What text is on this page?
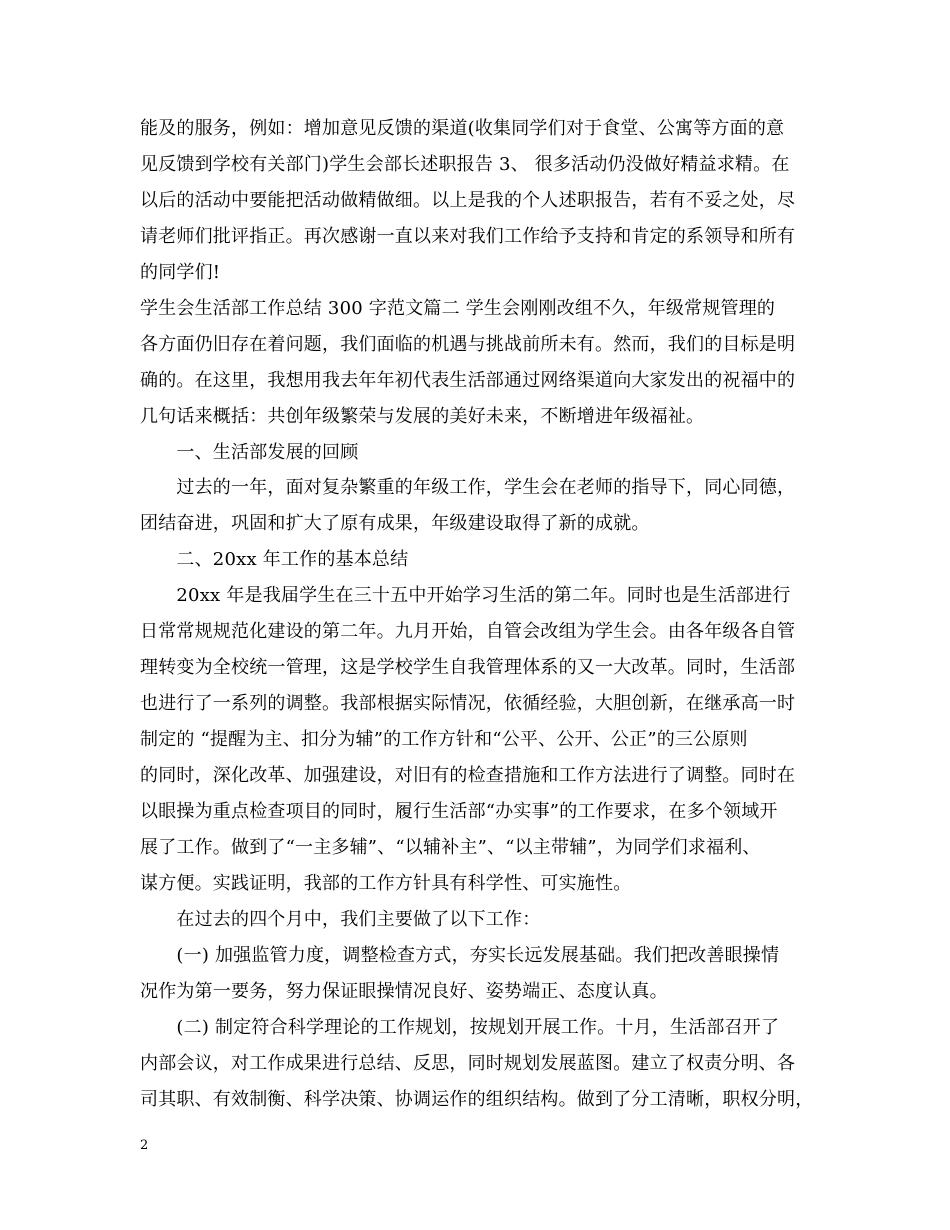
能及的服务，例如：增加意见反馈的渠道(收集同学们对于食堂、公寓等方面的意
见反馈到学校有关部门)学生会部长述职报告 3、 很多活动仍没做好精益求精。在
以后的活动中要能把活动做精做细。以上是我的个人述职报告，若有不妥之处，尽
请老师们批评指正。再次感谢一直以来对我们工作给予支持和肯定的系领导和所有
的同学们!
学生会生活部工作总结 300 字范文篇二 学生会刚刚改组不久，年级常规管理的
各方面仍旧存在着问题，我们面临的机遇与挑战前所未有。然而，我们的目标是明
确的。在这里，我想用我去年年初代表生活部通过网络渠道向大家发出的祝福中的
几句话来概括：共创年级繁荣与发展的美好未来，不断增进年级福祉。
　　一、生活部发展的回顾
　　过去的一年，面对复杂繁重的年级工作，学生会在老师的指导下，同心同德，
团结奋进，巩固和扩大了原有成果，年级建设取得了新的成就。
　　二、20xx 年工作的基本总结
　　20xx 年是我届学生在三十五中开始学习生活的第二年。同时也是生活部进行
日常常规规范化建设的第二年。九月开始，自管会改组为学生会。由各年级各自管
理转变为全校统一管理，这是学校学生自我管理体系的又一大改革。同时，生活部
也进行了一系列的调整。我部根据实际情况，依循经验，大胆创新，在继承高一时
制定的 “提醒为主、扣分为辅”的工作方针和“公平、公开、公正”的三公原则
的同时，深化改革、加强建设，对旧有的检查措施和工作方法进行了调整。同时在
以眼操为重点检查项目的同时，履行生活部“办实事”的工作要求，在多个领域开
展了工作。做到了“一主多辅”、“以辅补主”、“以主带辅”，为同学们求福利、
谋方便。实践证明，我部的工作方针具有科学性、可实施性。
　　在过去的四个月中，我们主要做了以下工作：
　　(一) 加强监管力度，调整检查方式，夯实长远发展基础。我们把改善眼操情
况作为第一要务，努力保证眼操情况良好、姿势端正、态度认真。
　　(二) 制定符合科学理论的工作规划，按规划开展工作。十月，生活部召开了
内部会议，对工作成果进行总结、反思，同时规划发展蓝图。建立了权责分明、各
司其职、有效制衡、科学决策、协调运作的组织结构。做到了分工清晰，职权分明，
2
